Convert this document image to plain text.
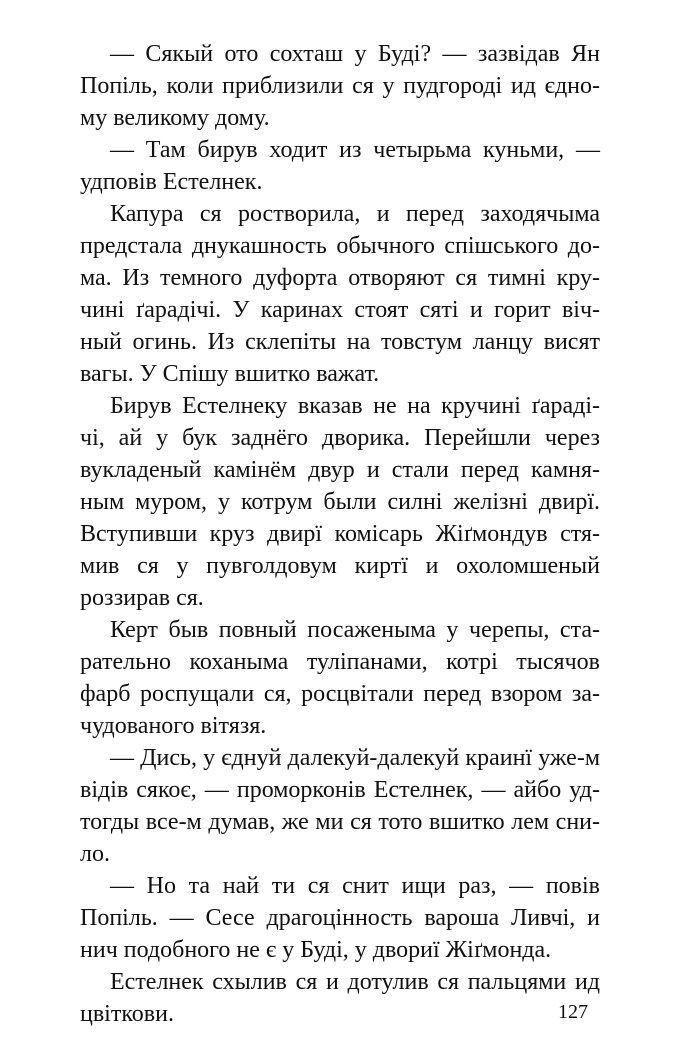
— Сякый ото сохташ у Буді? — зазвідав Ян
Попіль, коли приблизили ся у пудгороді ид єдно-
му великому дому.
— Там бирув ходит из четырьма куньми, —
удповів Естелнек.
Капура ся ростворила, и перед заходячыма
предстала днукашность обычного спішського до-
ма. Из темного дуфорта отворяют ся тимні кру-
чині ґарадічі. У каринах стоят сяті и горит віч-
ный огинь. Из склепіты на товстум ланцу висят
вагы. У Спішу вшитко важат.
Бирув Естелнеку вказав не на кручині ґараді-
чі, ай у бук заднёго дворика. Перейшли через
вукладеный камінём двур и стали перед камня-
ным муром, у котрум были силні желізні двирї.
Вступивши круз двирї комісарь Жіґмондув стя-
мив ся у пувголдовум киртї и охоломшеный
роззирав ся.
Керт быв повный посаженыма у черепы, ста-
рательно коханыма туліпанами, котрі тысячов
фарб роспущали ся, росцвітали перед взором за-
чудованого вітязя.
— Дись, у єднуй далекуй-далекуй краинї уже-м
відів сякоє, — проморконів Естелнек, — айбо уд-
тогды все-м думав, же ми ся тото вшитко лем сни-
ло.
— Но та най ти ся снит ищи раз, — повів
Попіль. — Сесе драгоцінность вароша Ливчі, и
нич подобного не є у Буді, у двориї Жіґмонда.
Естелнек схылив ся и дотулив ся пальцями ид
цвіткови.	127
